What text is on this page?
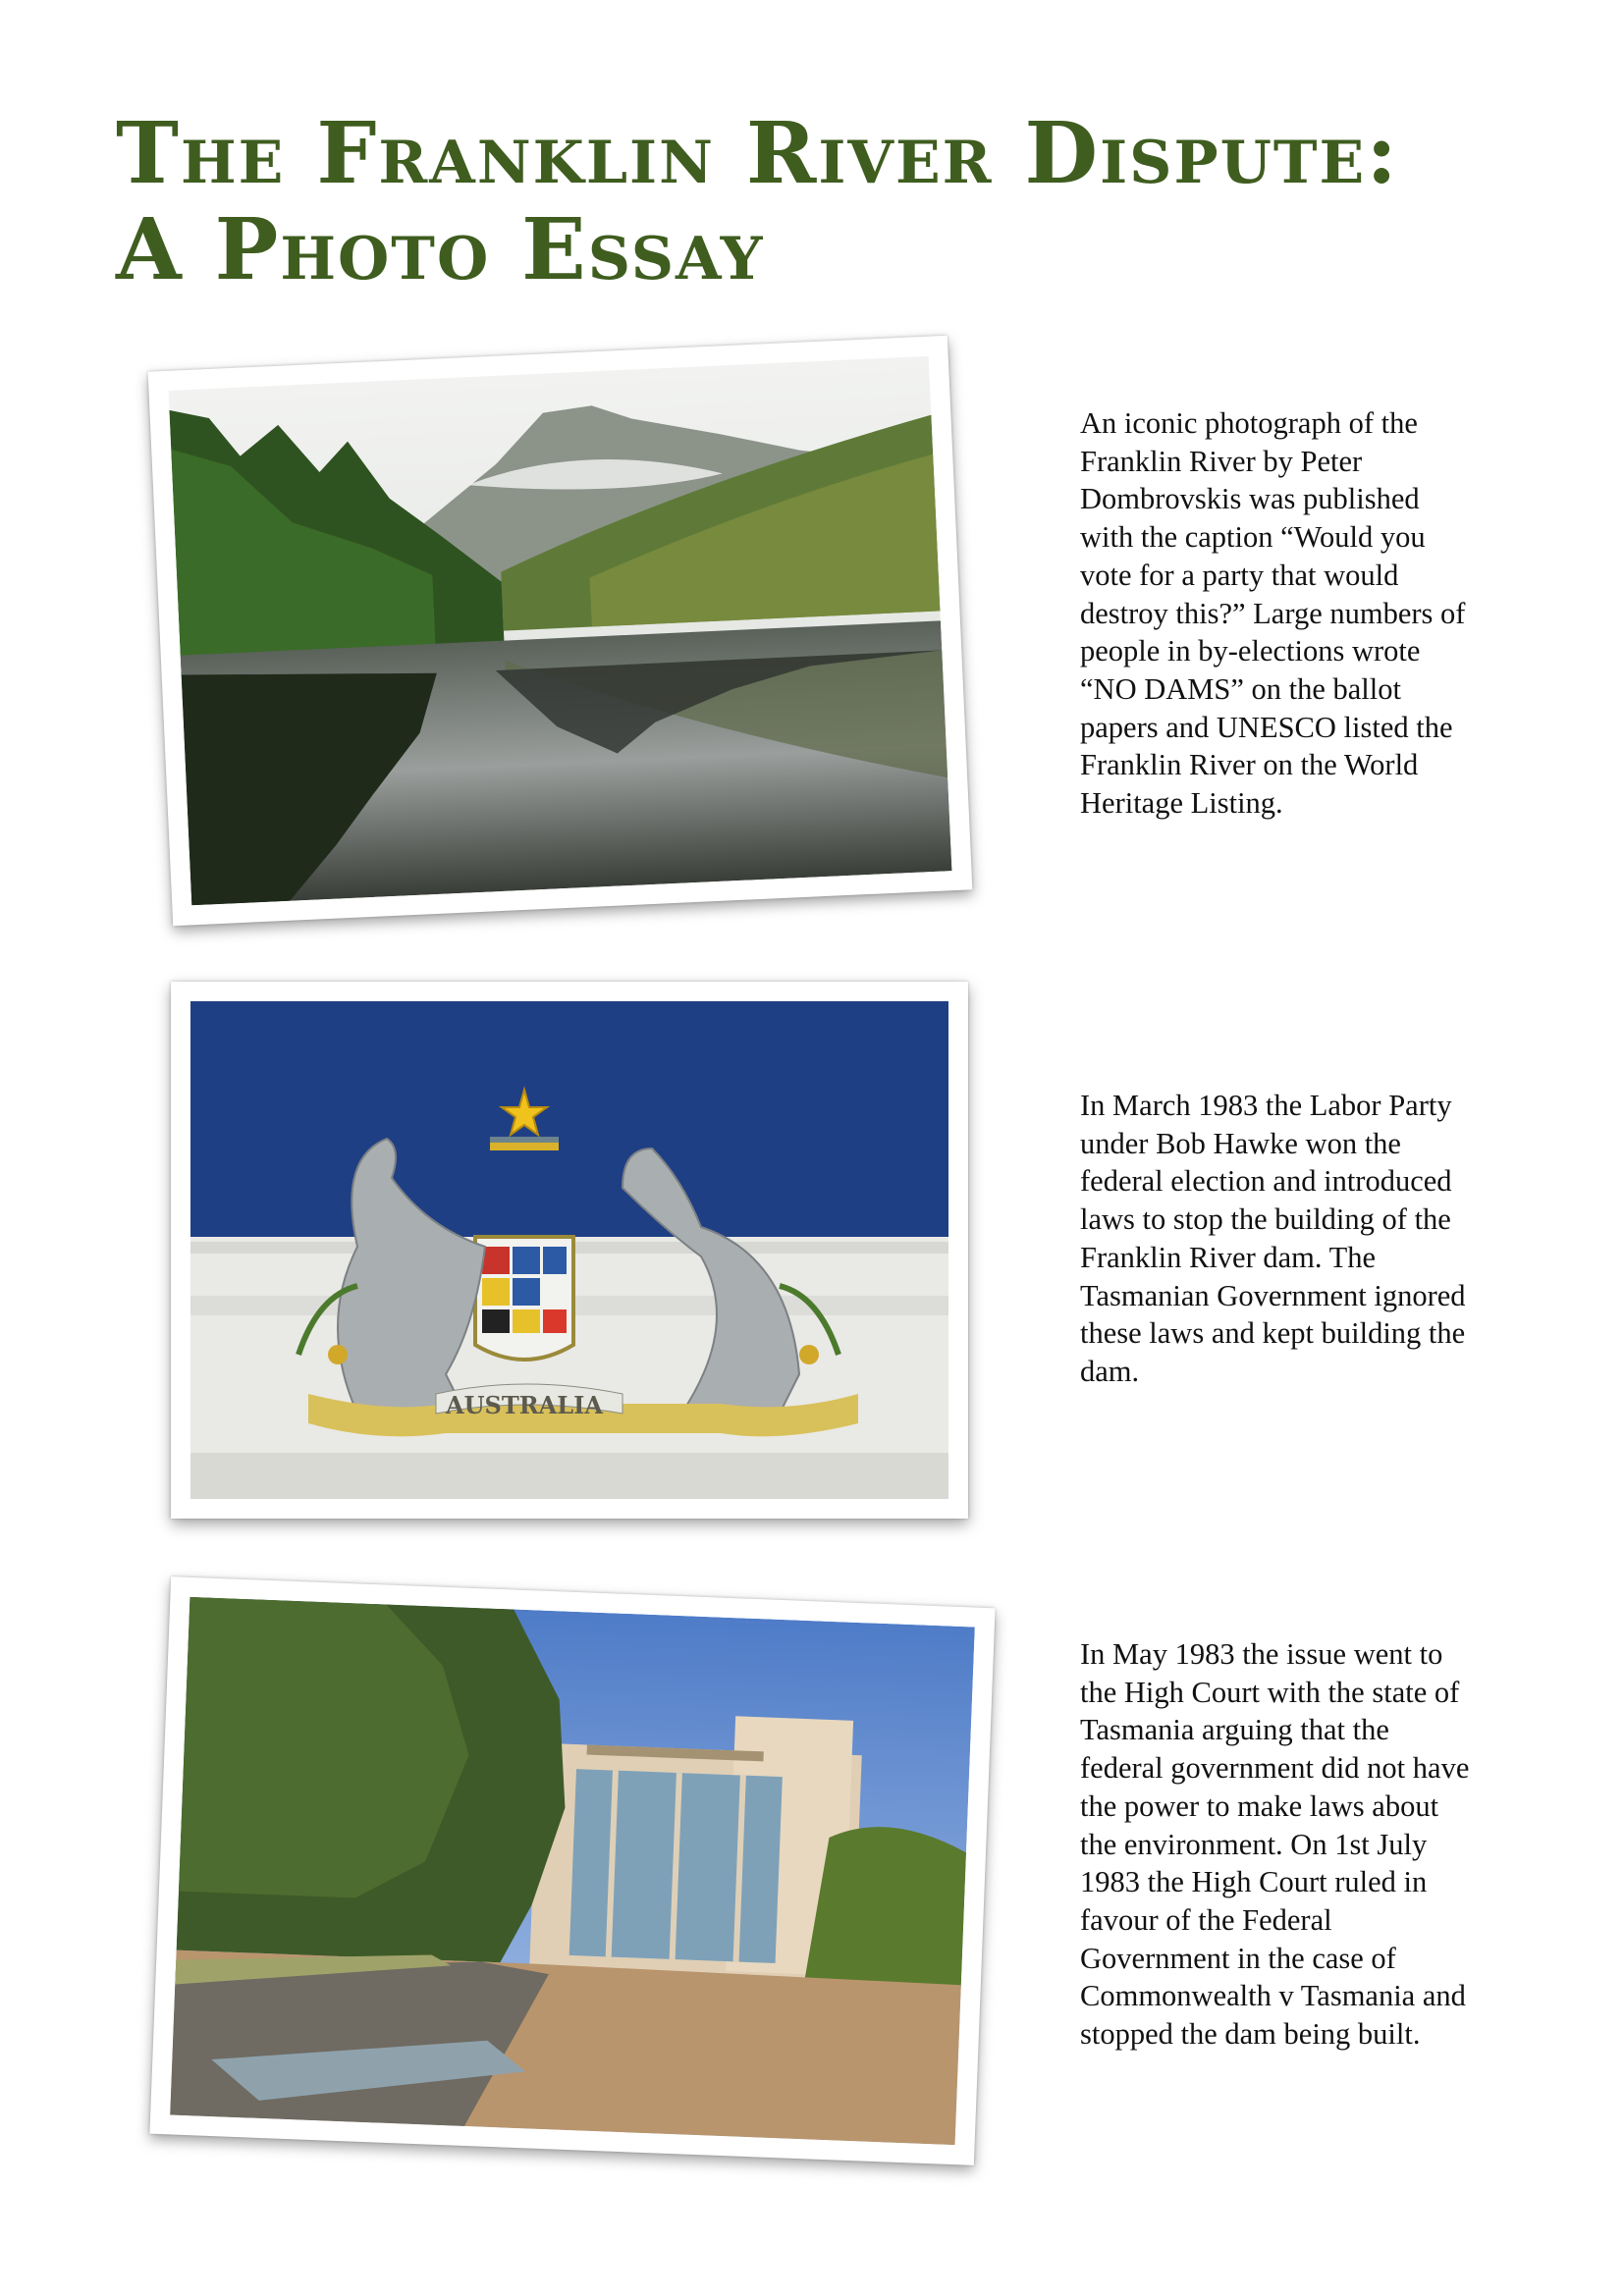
The Franklin River Dispute:
A Photo Essay

An iconic photograph of the Franklin River by Peter Dombrovskis was published with the caption “Would you vote for a party that would destroy this?” Large numbers of people in by-elections wrote “NO DAMS” on the ballot papers and UNESCO listed the Franklin River on the World Heritage Listing.

AUSTRALIA

In March 1983 the Labor Party under Bob Hawke won the federal election and introduced laws to stop the building of the Franklin River dam. The Tasmanian Government ignored these laws and kept building the dam.

In May 1983 the issue went to the High Court with the state of Tasmania arguing that the federal government did not have the power to make laws about the environment. On 1st July 1983 the High Court ruled in favour of the Federal Government in the case of Commonwealth v Tasmania and stopped the dam being built.
